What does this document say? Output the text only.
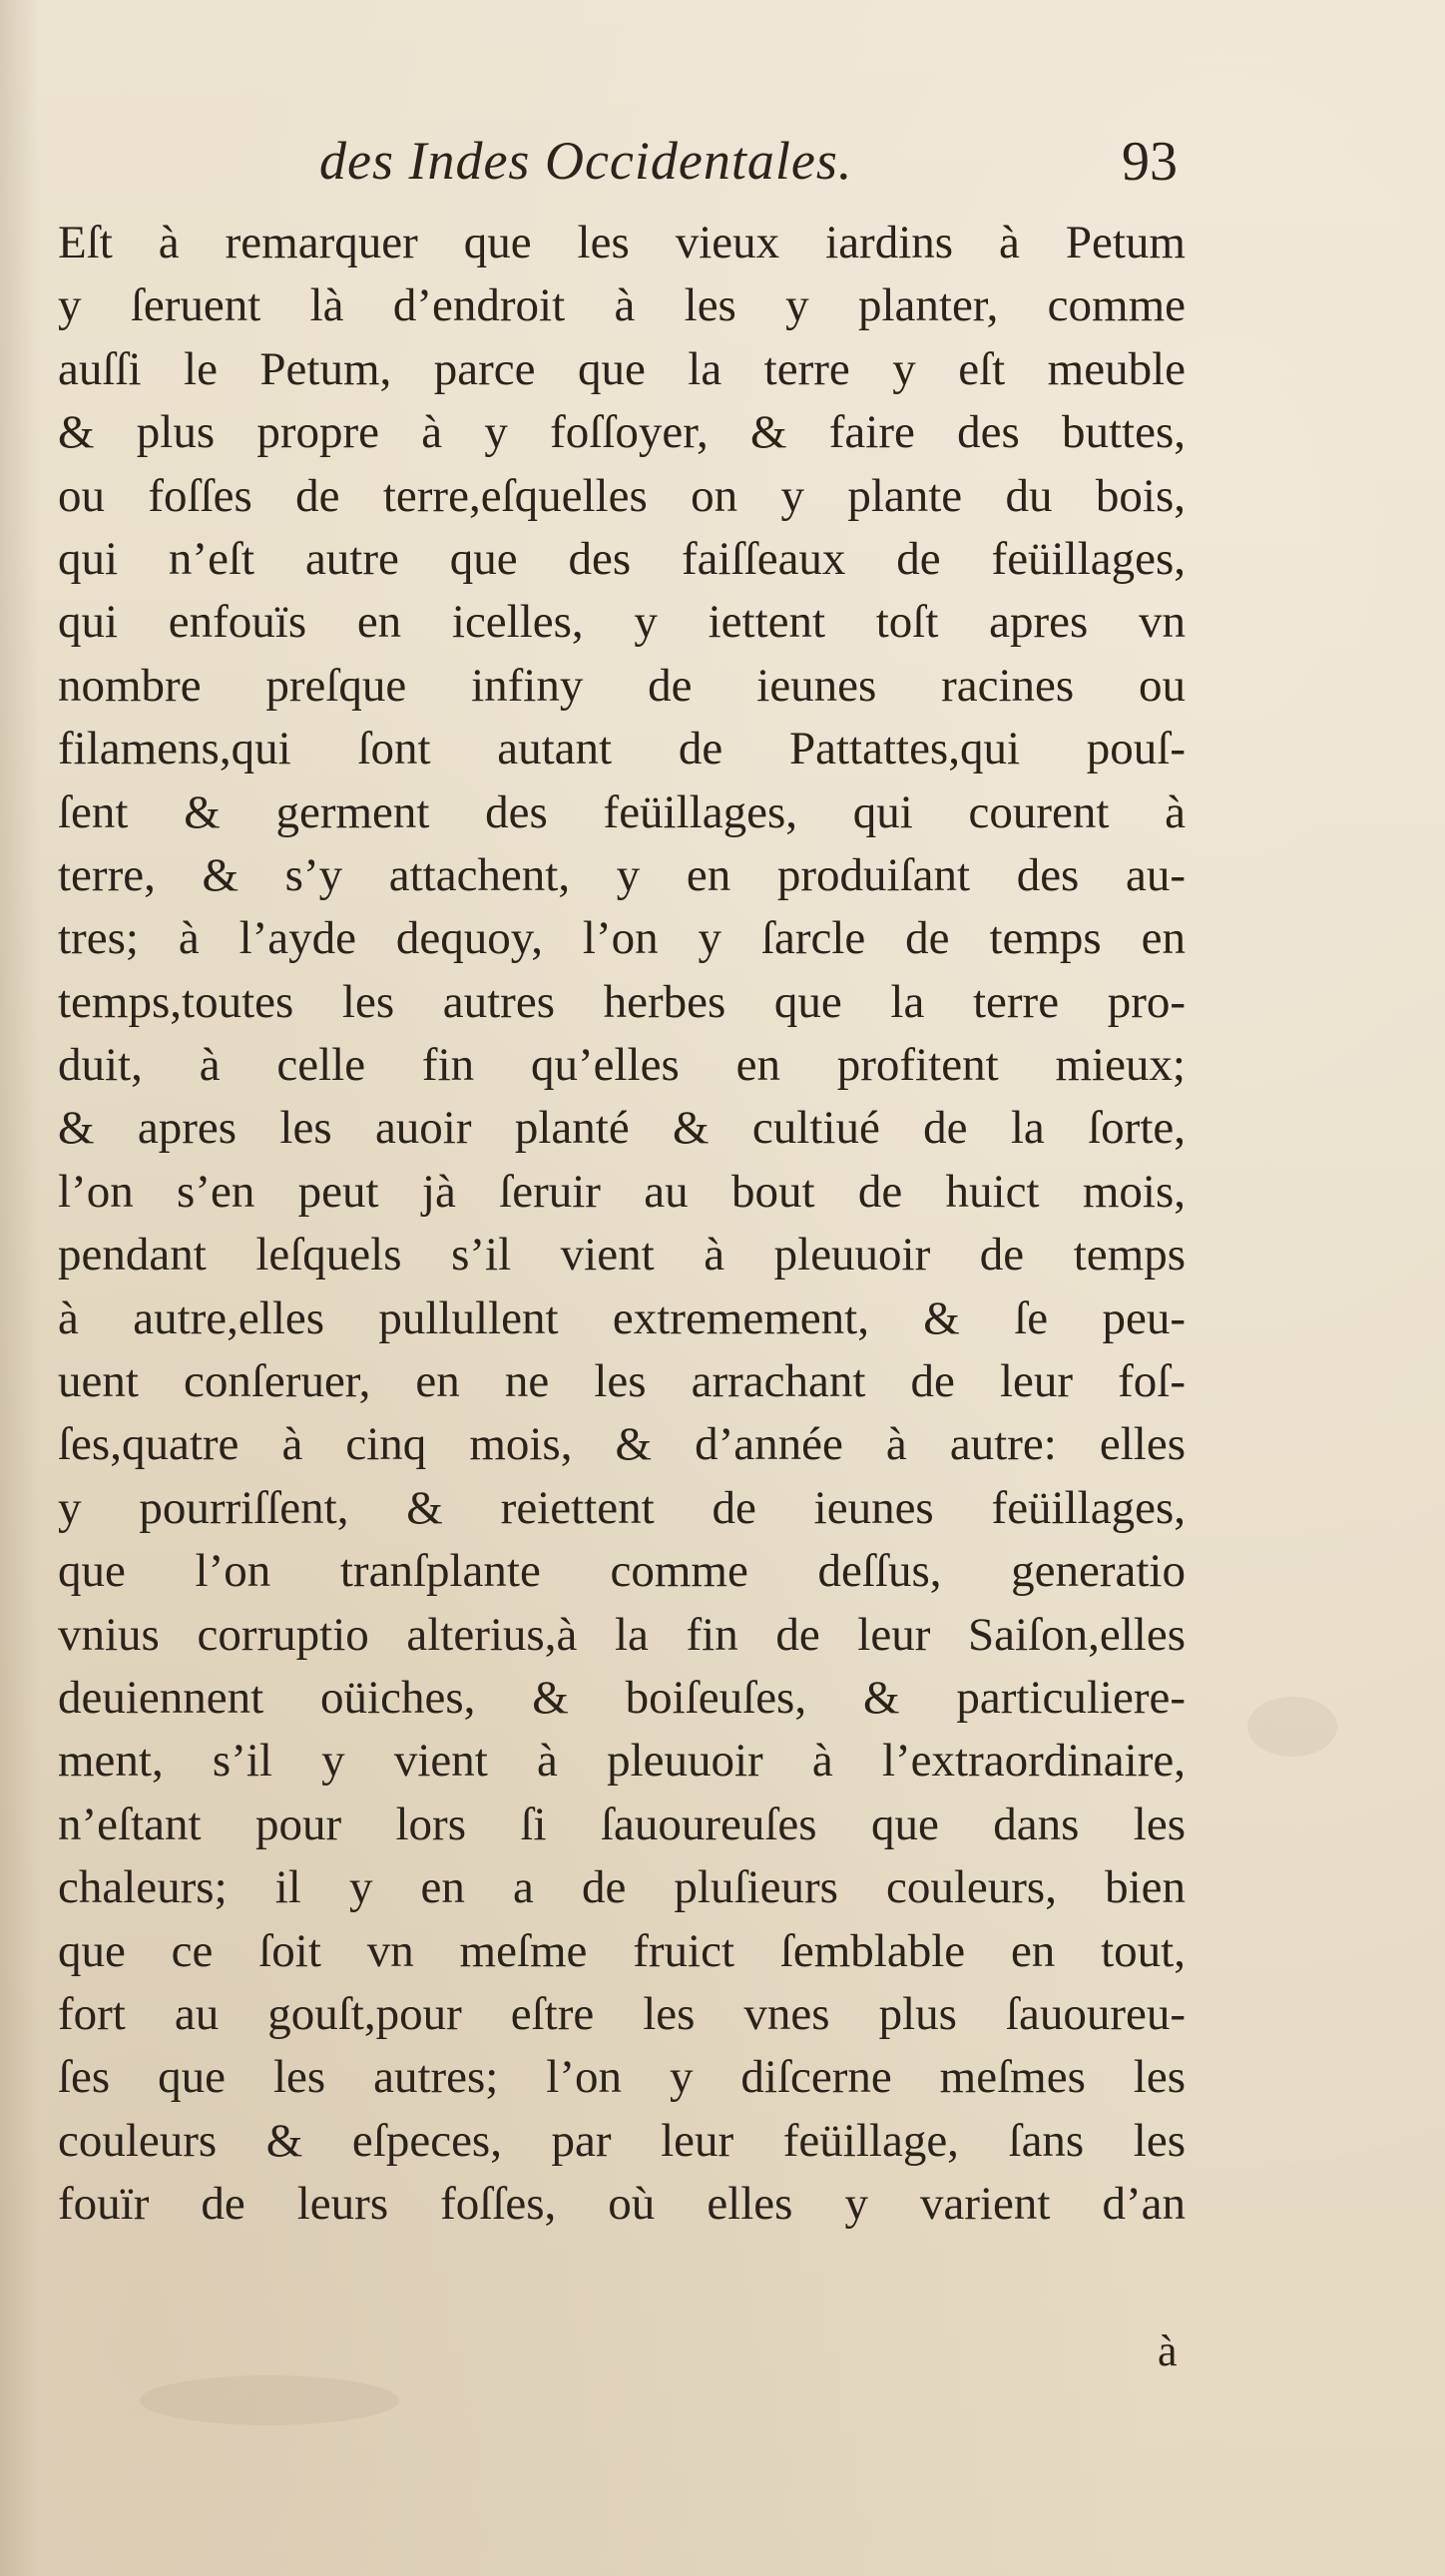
des Indes Occidentales.	93
Eſt à remarquer que les vieux iardins à Petum
y ſeruent là d’endroit à les y planter, comme
auſſi le Petum, parce que la terre y eſt meuble
& plus propre à y foſſoyer, & faire des buttes,
ou foſſes de terre,eſquelles on y plante du bois,
qui n’eſt autre que des faiſſeaux de feüillages,
qui enfouïs en icelles, y iettent toſt apres vn
nombre preſque infiny de ieunes racines ou
filamens,qui ſont autant de Pattattes,qui pouſ-
ſent & germent des feüillages, qui courent à
terre, & s’y attachent, y en produiſant des au-
tres; à l’ayde dequoy, l’on y ſarcle de temps en
temps,toutes les autres herbes que la terre pro-
duit, à celle fin qu’elles en profitent mieux;
& apres les auoir planté & cultiué de la ſorte,
l’on s’en peut jà ſeruir au bout de huict mois,
pendant leſquels s’il vient à pleuuoir de temps
à autre,elles pullullent extremement, & ſe peu-
uent conſeruer, en ne les arrachant de leur foſ-
ſes,quatre à cinq mois, & d’année à autre: elles
y pourriſſent, & reiettent de ieunes feüillages,
que l’on tranſplante comme deſſus, generatio
vnius corruptio alterius,à la fin de leur Saiſon,elles
deuiennent oüiches, & boiſeuſes, & particuliere-
ment, s’il y vient à pleuuoir à l’extraordinaire,
n’eſtant pour lors ſi ſauoureuſes que dans les
chaleurs; il y en a de pluſieurs couleurs, bien
que ce ſoit vn meſme fruict ſemblable en tout,
fort au gouſt,pour eſtre les vnes plus ſauoureu-
ſes que les autres; l’on y diſcerne meſmes les
couleurs & eſpeces, par leur feüillage, ſans les
fouïr de leurs foſſes, où elles y varient d’an
à
